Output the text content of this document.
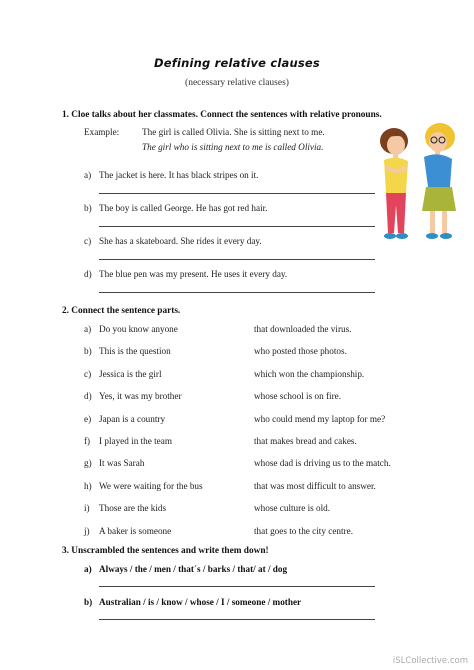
Defining relative clauses
(necessary relative clauses)
1. Cloe talks about her classmates. Connect the sentences with relative pronouns.
Example: The girl is called Olivia. She is sitting next to me.
The girl who is sitting next to me is called Olivia.
a) The jacket is here. It has black stripes on it.
b) The boy is called George. He has got red hair.
c) She has a skateboard. She rides it every day.
d) The blue pen was my present. He uses it every day.
2. Connect the sentence parts.
a) Do you know anyone	that downloaded the virus.
b) This is the question	who posted those photos.
c) Jessica is the girl	which won the championship.
d) Yes, it was my brother	whose school is on fire.
e) Japan is a country	who could mend my laptop for me?
f) I played in the team	that makes bread and cakes.
g) It was Sarah	whose dad is driving us to the match.
h) We were waiting for the bus	that was most difficult to answer.
i) Those are the kids	whose culture is old.
j) A baker is someone	that goes to the city centre.
3. Unscrambled the sentences and write them down!
a) Always / the / men / that´s / barks / that/ at / dog
b) Australian / is / know / whose / I / someone / mother
iSLCollective.com
